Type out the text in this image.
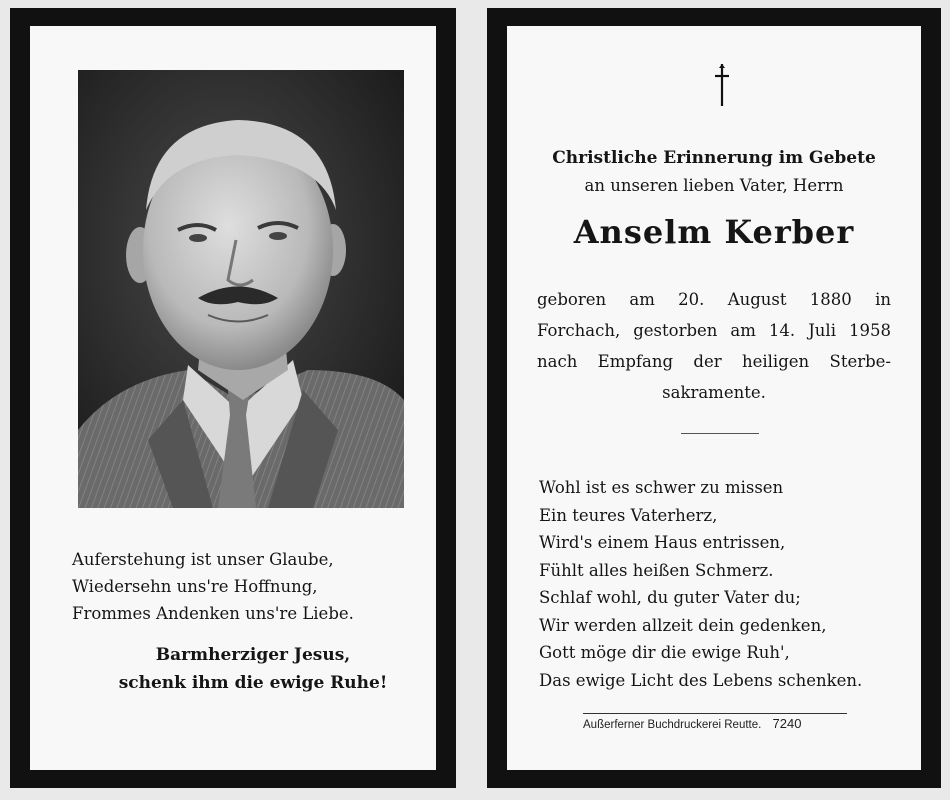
Auferstehung ist unser Glaube,
Wiedersehn uns're Hoffnung,
Frommes Andenken uns're Liebe.
Barmherziger Jesus,
schenk ihm die ewige Ruhe!
Christliche Erinnerung im Gebete
an unseren lieben Vater, Herrn
Anselm Kerber
geboren am 20. August 1880 in
Forchach, gestorben am 14. Juli 1958
nach Empfang der heiligen Sterbe-
sakramente.
Wohl ist es schwer zu missen
Ein teures Vaterherz,
Wird's einem Haus entrissen,
Fühlt alles heißen Schmerz.
Schlaf wohl, du guter Vater du;
Wir werden allzeit dein gedenken,
Gott möge dir die ewige Ruh',
Das ewige Licht des Lebens schenken.
Außerferner Buchdruckerei Reutte. 7240
